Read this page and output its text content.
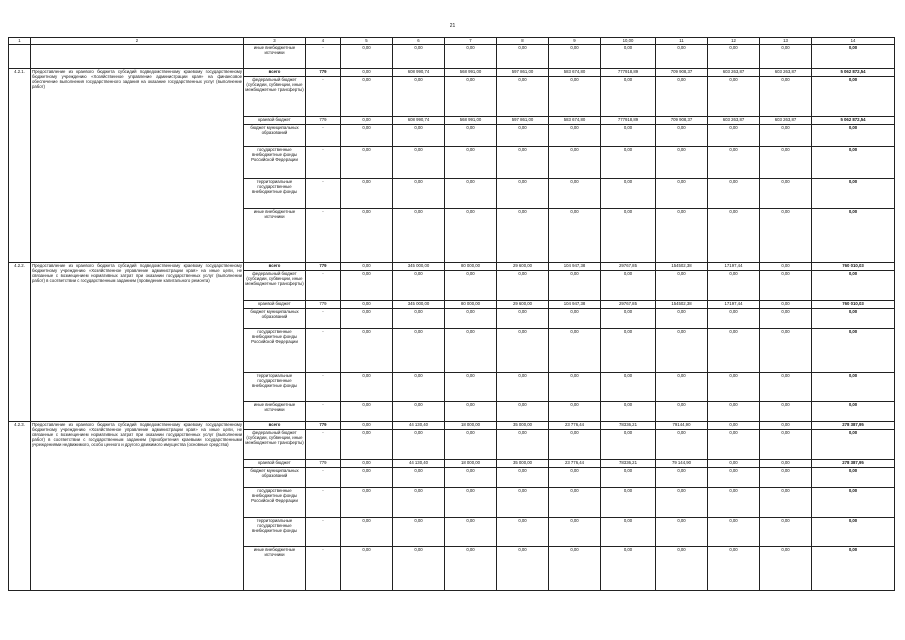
21
1	2	3	4	5	6	7	8	9	10,00	11	12	13	14
		иные внебюджетные источники	-	0,00	0,00	0,00	0,00	0,00	0,00	0,00	0,00	0,00	0,00
4.2.1.	Предоставление из краевого бюджета субсидий подведомственному краевому государственному бюджетному учреждению «Хозяйственное управление администрации края» на финансовое обеспечение выполнения государственного задания на оказание государственных услуг (выполнение работ)	всего	779	0,00	608 990,74	568 991,00	597 861,00	583 674,80	777918,89	709 908,37	603 263,87	603 263,87	5 062 872,54
		федеральный бюджет (субсидии, субвенции, иные межбюджетные трансферты)	-	0,00	0,00	0,00	0,00	0,00	0,00	0,00	0,00	0,00	0,00
		краевой бюджет	779	0,00	608 990,74	568 991,00	597 861,00	583 674,80	777918,89	709 908,37	603 263,87	603 263,87	5 062 872,54
		бюджет муниципальных образований	-	0,00	0,00	0,00	0,00	0,00	0,00	0,00	0,00	0,00	0,00
		государственные внебюджетные фонды Российской Федерации	-	0,00	0,00	0,00	0,00	0,00	0,00	0,00	0,00	0,00	0,00
		территориальные государственные внебюджетные фонды	-	0,00	0,00	0,00	0,00	0,00	0,00	0,00	0,00	0,00	0,00
		иные внебюджетные источники	-	0,00	0,00	0,00	0,00	0,00	0,00	0,00	0,00	0,00	0,00
4.2.2.	Предоставление из краевого бюджета субсидий подведомственному краевому государственному бюджетному учреждению «Хозяйственное управление администрации края» на иные цели, не связанные с возмещением нормативных затрат при оказании государственных услуг (выполнении работ) в соответствии с государственным заданием (проведение капитального ремонта)	всего	779	0,00	345 000,00	80 000,00	29 600,00	104 947,38	29767,85	154502,38	17197,44	0,00	760 010,03
		федеральный бюджет (субсидии, субвенции, иные межбюджетные трансферты)	-	0,00	0,00	0,00	0,00	0,00	0,00	0,00	0,00	0,00	0,00
		краевой бюджет	779	0,00	345 000,00	80 000,00	29 600,00	104 947,38	29767,85	154502,38	17197,44	0,00	760 010,03
		бюджет муниципальных образований	-	0,00	0,00	0,00	0,00	0,00	0,00	0,00	0,00	0,00	0,00
		государственные внебюджетные фонды Российской Федерации	-	0,00	0,00	0,00	0,00	0,00	0,00	0,00	0,00	0,00	0,00
		территориальные государственные внебюджетные фонды	-	0,00	0,00	0,00	0,00	0,00	0,00	0,00	0,00	0,00	0,00
		иные внебюджетные источники	-	0,00	0,00	0,00	0,00	0,00	0,00	0,00	0,00	0,00	0,00
4.2.3.	Предоставление из краевого бюджета субсидий подведомственному краевому государственному бюджетному учреждению «Хозяйственное управление администрации края» на иные цели, не связанные с возмещением нормативных затрат при оказании государственных услуг (выполнении работ) в соответствии с государственным заданием (приобретения краевыми государственными учреждениями недвижимого, особо ценного и другого движимого имущества (основные средства)	всего	779	0,00	44 130,40	18 000,00	35 000,00	23 776,44	78336,21	79144,90	0,00	0,00	278 387,95
		федеральный бюджет (субсидии, субвенции, иные межбюджетные трансферты)	-	0,00	0,00	0,00	0,00	0,00	0,00	0,00	0,00	0,00	0,00
		краевой бюджет	779	0,00	44 130,40	18 000,00	35 000,00	23 776,44	78336,21	79 144,90	0,00	0,00	278 387,95
		бюджет муниципальных образований	-	0,00	0,00	0,00	0,00	0,00	0,00	0,00	0,00	0,00	0,00
		государственные внебюджетные фонды Российской Федерации	-	0,00	0,00	0,00	0,00	0,00	0,00	0,00	0,00	0,00	0,00
		территориальные государственные внебюджетные фонды	-	0,00	0,00	0,00	0,00	0,00	0,00	0,00	0,00	0,00	0,00
		иные внебюджетные источники	-	0,00	0,00	0,00	0,00	0,00	0,00	0,00	0,00	0,00	0,00
